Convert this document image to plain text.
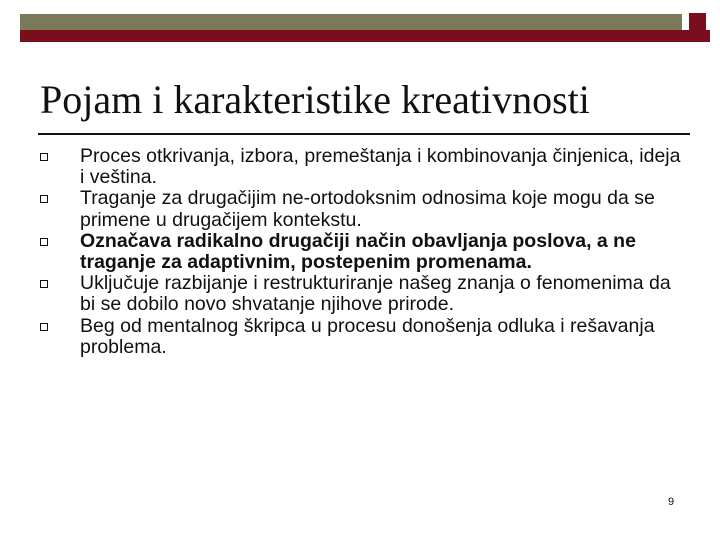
Pojam i karakteristike kreativnosti
Proces otkrivanja, izbora, premeštanja i kombinovanja činjenica, ideja i veština.
Traganje za drugačijim ne-ortodoksnim odnosima koje mogu da se primene u drugačijem kontekstu.
Označava radikalno drugačiji način obavljanja poslova, a ne traganje za adaptivnim, postepenim promenama.
Uključuje razbijanje i restrukturiranje našeg znanja o fenomenima da bi se dobilo novo shvatanje njihove prirode.
Beg od mentalnog škripca u procesu donošenja odluka i rešavanja problema.
9
